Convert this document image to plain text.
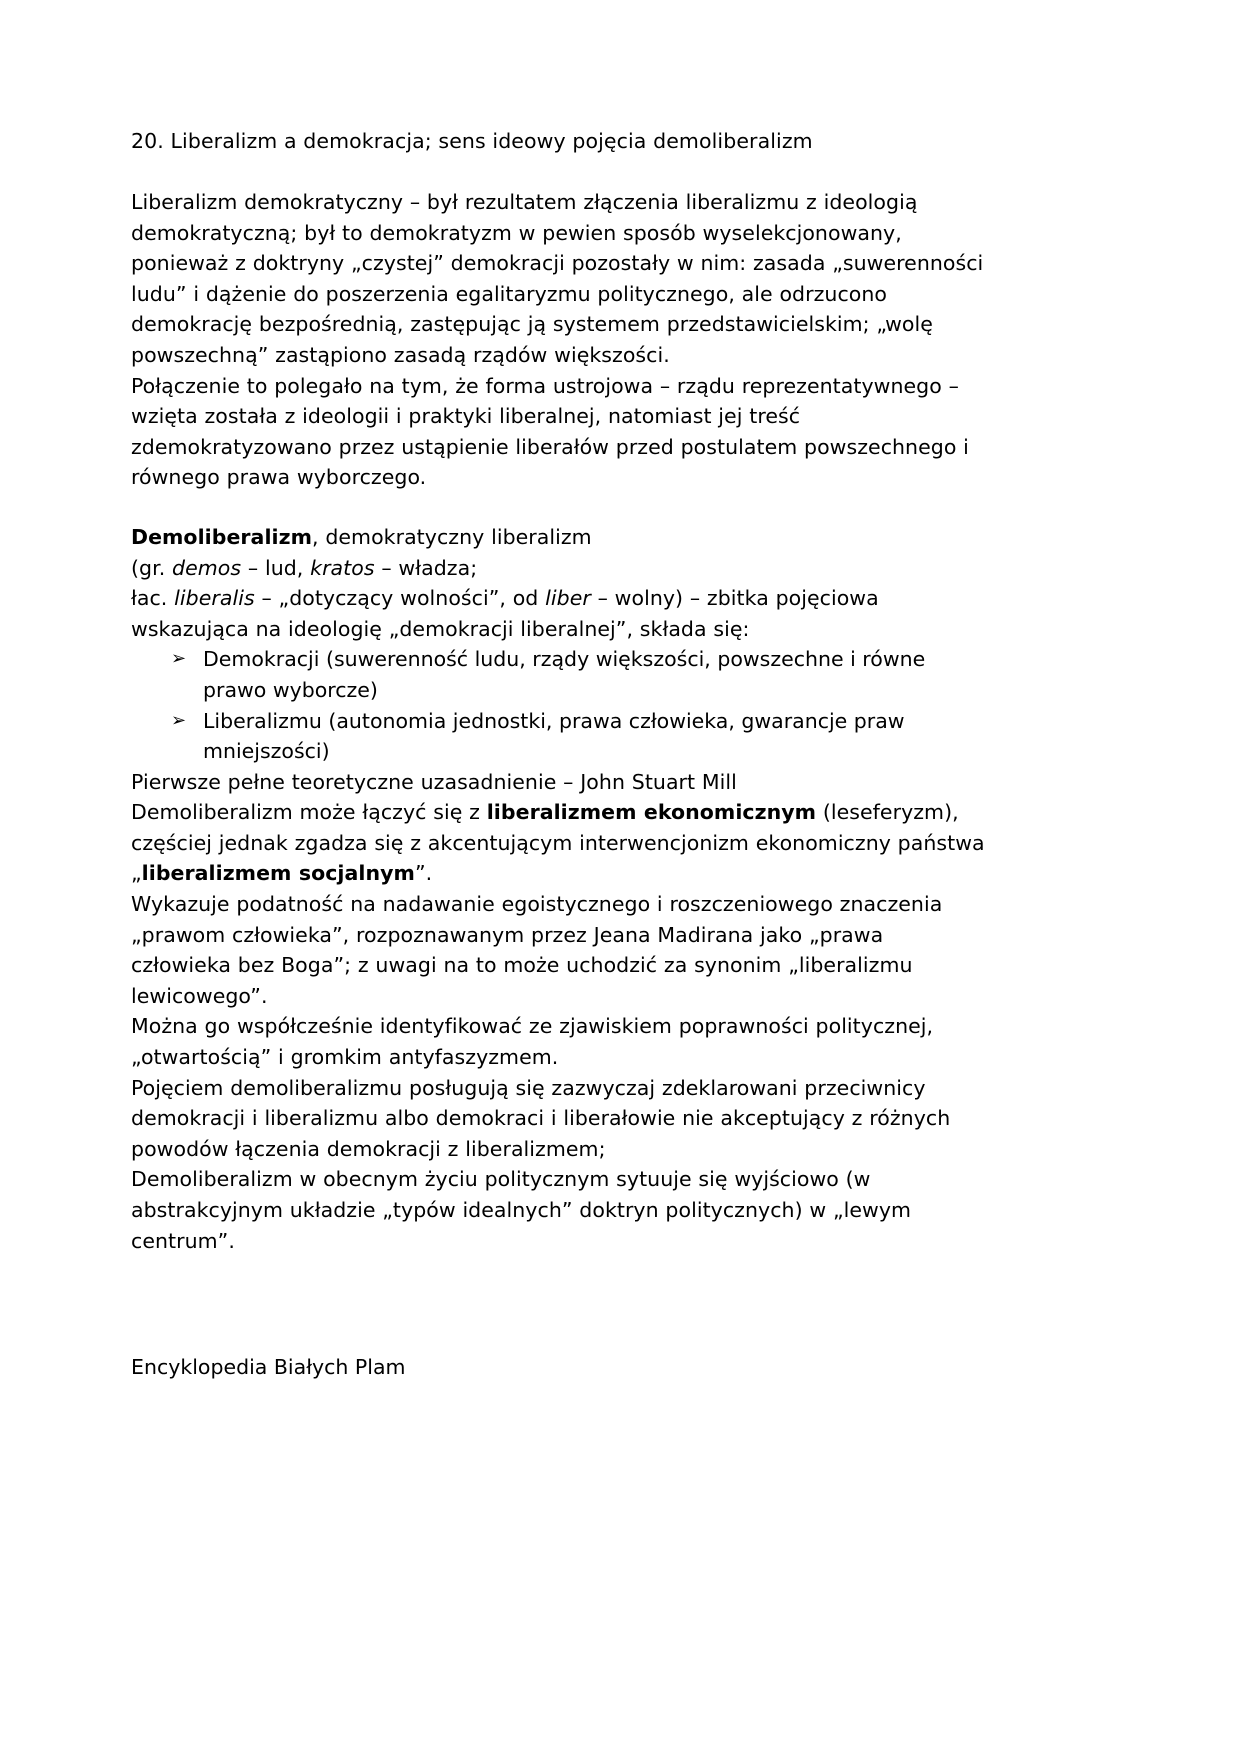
20. Liberalizm a demokracja; sens ideowy pojęcia demoliberalizm

Liberalizm demokratyczny – był rezultatem złączenia liberalizmu z ideologią demokratyczną; był to demokratyzm w pewien sposób wyselekcjonowany, ponieważ z doktryny „czystej” demokracji pozostały w nim: zasada „suwerenności ludu” i dążenie do poszerzenia egalitaryzmu politycznego, ale odrzucono demokrację bezpośrednią, zastępując ją systemem przedstawicielskim; „wolę powszechną” zastąpiono zasadą rządów większości.

Połączenie to polegało na tym, że forma ustrojowa – rządu reprezentatywnego – wzięta została z ideologii i praktyki liberalnej, natomiast jej treść zdemokratyzowano przez ustąpienie liberałów przed postulatem powszechnego i równego prawa wyborczego.

Demoliberalizm, demokratyczny liberalizm

(gr. demos – lud, kratos – władza;

łac. liberalis – „dotyczący wolności”, od liber – wolny) – zbitka pojęciowa wskazująca na ideologię „demokracji liberalnej”, składa się:

➢ Demokracji (suwerenność ludu, rządy większości, powszechne i równe prawo wyborcze)
➢ Liberalizmu (autonomia jednostki, prawa człowieka, gwarancje praw mniejszości)

Pierwsze pełne teoretyczne uzasadnienie – John Stuart Mill

Demoliberalizm może łączyć się z liberalizmem ekonomicznym (leseferyzm), częściej jednak zgadza się z akcentującym interwencjonizm ekonomiczny państwa „liberalizmem socjalnym”.

Wykazuje podatność na nadawanie egoistycznego i roszczeniowego znaczenia „prawom człowieka”, rozpoznawanym przez Jeana Madirana jako „prawa człowieka bez Boga”; z uwagi na to może uchodzić za synonim „liberalizmu lewicowego”.

Można go współcześnie identyfikować ze zjawiskiem poprawności politycznej, „otwartością” i gromkim antyfaszyzmem.

Pojęciem demoliberalizmu posługują się zazwyczaj zdeklarowani przeciwnicy demokracji i liberalizmu albo demokraci i liberałowie nie akceptujący z różnych powodów łączenia demokracji z liberalizmem;

Demoliberalizm w obecnym życiu politycznym sytuuje się wyjściowo (w abstrakcyjnym układzie „typów idealnych” doktryn politycznych) w „lewym centrum”.

Encyklopedia Białych Plam
